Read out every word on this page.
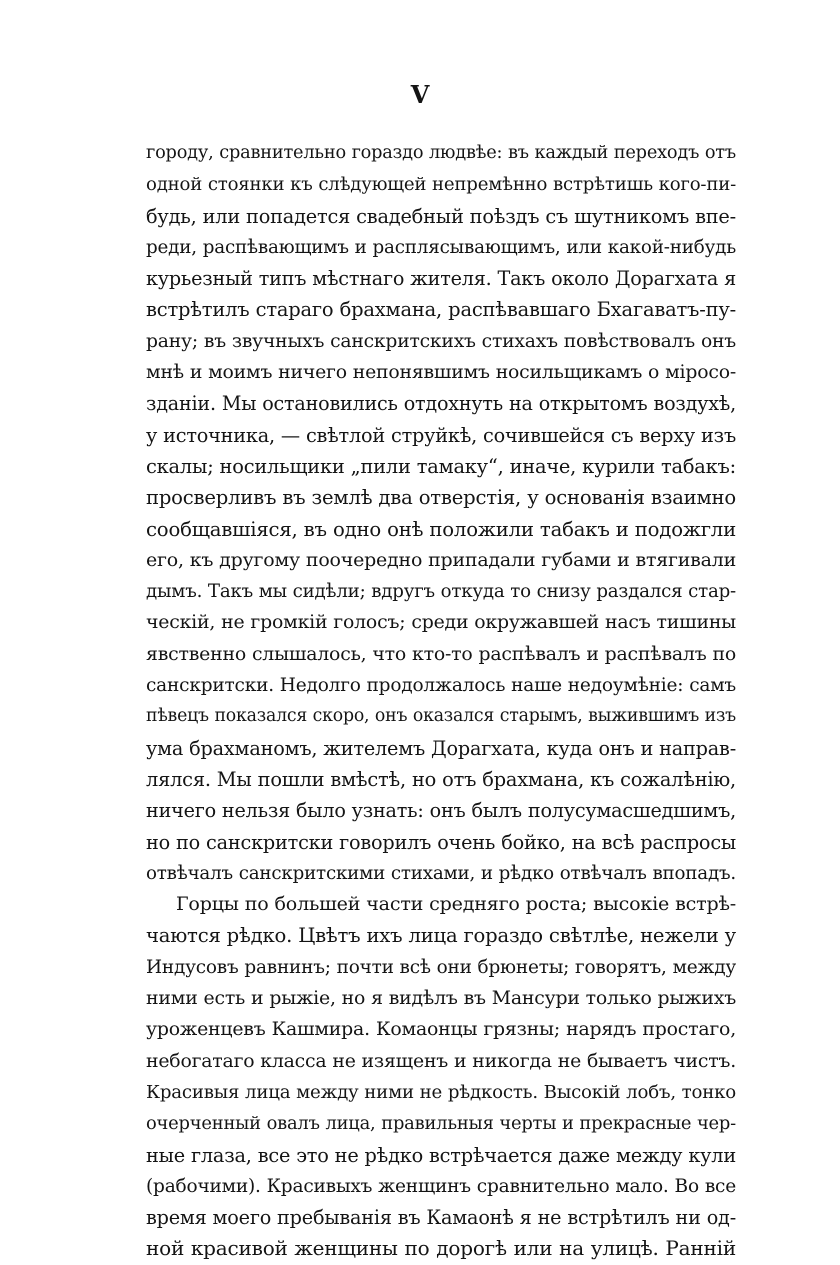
V
городу, сравнительно гораздо людвѣе: въ каждый переходъ отъ
одной стоянки къ слѣдующей непремѣнно встрѣтишь кого-пи-
будь, или попадется свадебный поѣздъ съ шутникомъ впе-
реди, распѣвающимъ и расплясывающимъ, или какой-нибудь
курьезный типъ мѣстнаго жителя. Такъ около Дорагхата я
встрѣтилъ стараго брахмана, распѣвавшаго Бхагаватъ-пу-
рану; въ звучныхъ санскритскихъ стихахъ повѣствовалъ онъ
мнѣ и моимъ ничего непонявшимъ носильщикамъ о міросо-
зданіи. Мы остановились отдохнуть на открытомъ воздухѣ,
у источника, — свѣтлой струйкѣ, сочившейся съ верху изъ
скалы; носильщики „пили тамаку“, иначе, курили табакъ:
просверливъ въ землѣ два отверстія, у основанія взаимно
сообщавшіяся, въ одно онѣ положили табакъ и подожгли
его, къ другому поочередно припадали губами и втягивали
дымъ. Такъ мы сидѣли; вдругъ откуда то снизу раздался стар-
ческій, не громкій голосъ; среди окружавшей насъ тишины
явственно слышалось, что кто-то распѣвалъ и распѣвалъ по
санскритски. Недолго продолжалось наше недоумѣніе: самъ
пѣвецъ показался скоро, онъ оказался старымъ, выжившимъ изъ
ума брахманомъ, жителемъ Дорагхата, куда онъ и направ-
лялся. Мы пошли вмѣстѣ, но отъ брахмана, къ сожалѣнію,
ничего нельзя было узнать: онъ былъ полусумасшедшимъ,
но по санскритски говорилъ очень бойко, на всѣ распросы
отвѣчалъ санскритскими стихами, и рѣдко отвѣчалъ впопадъ.
Горцы по большей части средняго роста; высокіе встрѣ-
чаются рѣдко. Цвѣтъ ихъ лица гораздо свѣтлѣе, нежели у
Индусовъ равнинъ; почти всѣ они брюнеты; говорятъ, между
ними есть и рыжіе, но я видѣлъ въ Мансури только рыжихъ
уроженцевъ Кашмира. Комаонцы грязны; нарядъ простаго,
небогатаго класса не изященъ и никогда не бываетъ чистъ.
Красивыя лица между ними не рѣдкость. Высокій лобъ, тонко
очерченный овалъ лица, правильныя черты и прекрасные чер-
ные глаза, все это не рѣдко встрѣчается даже между кули
(рабочими). Красивыхъ женщинъ сравнительно мало. Во все
время моего пребыванія въ Камаонѣ я не встрѣтилъ ни од-
ной красивой женщины по дорогѣ или на улицѣ. Ранній
